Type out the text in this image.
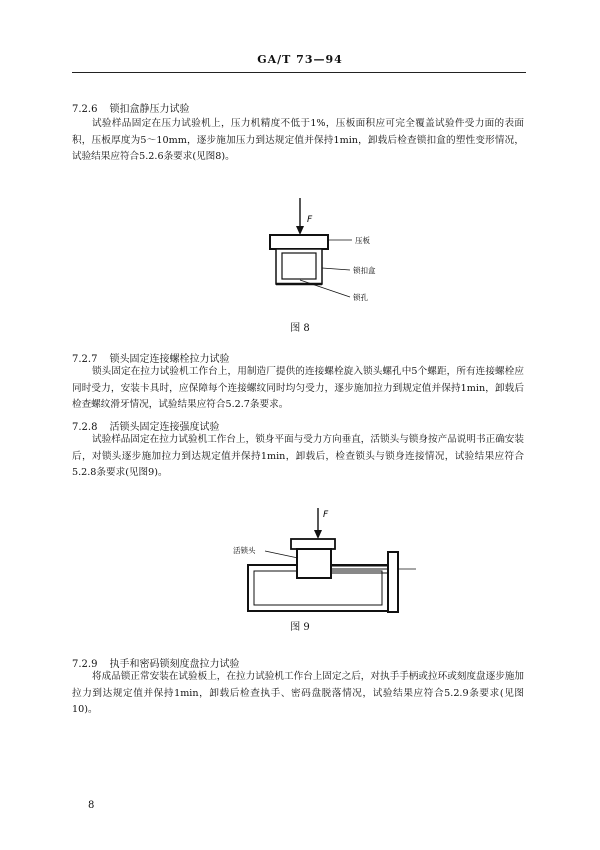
GA/T 73—94
7.2.6 锁扣盒静压力试验
试验样品固定在压力试验机上，压力机精度不低于1%，压板面积应可完全覆盖试验件受力面的表面积，压板厚度为5～10mm，逐步施加压力到达规定值并保持1min，卸载后检查锁扣盒的塑性变形情况，试验结果应符合5.2.6条要求(见图8)。
F
压板
锁扣盒
锁孔
F
活锁头
图 8
7.2.7 锁头固定连接螺栓拉力试验
锁头固定在拉力试验机工作台上，用制造厂提供的连接螺栓旋入锁头螺孔中5个螺距，所有连接螺栓应同时受力，安装卡具时，应保障每个连接螺纹同时均匀受力，逐步施加拉力到规定值并保持1min，卸载后检查螺纹滑牙情况，试验结果应符合5.2.7条要求。
7.2.8 活锁头固定连接强度试验
试验样品固定在拉力试验机工作台上，锁身平面与受力方向垂直，活锁头与锁身按产品说明书正确安装后，对锁头逐步施加拉力到达规定值并保持1min，卸载后，检查锁头与锁身连接情况，试验结果应符合5.2.8条要求(见图9)。
图 9
7.2.9 执手和密码锁刻度盘拉力试验
将成品锁正常安装在试验板上，在拉力试验机工作台上固定之后，对执手手柄或拉环或刻度盘逐步施加拉力到达规定值并保持1min，卸载后检查执手、密码盘脱落情况，试验结果应符合5.2.9条要求(见图10)。
8
